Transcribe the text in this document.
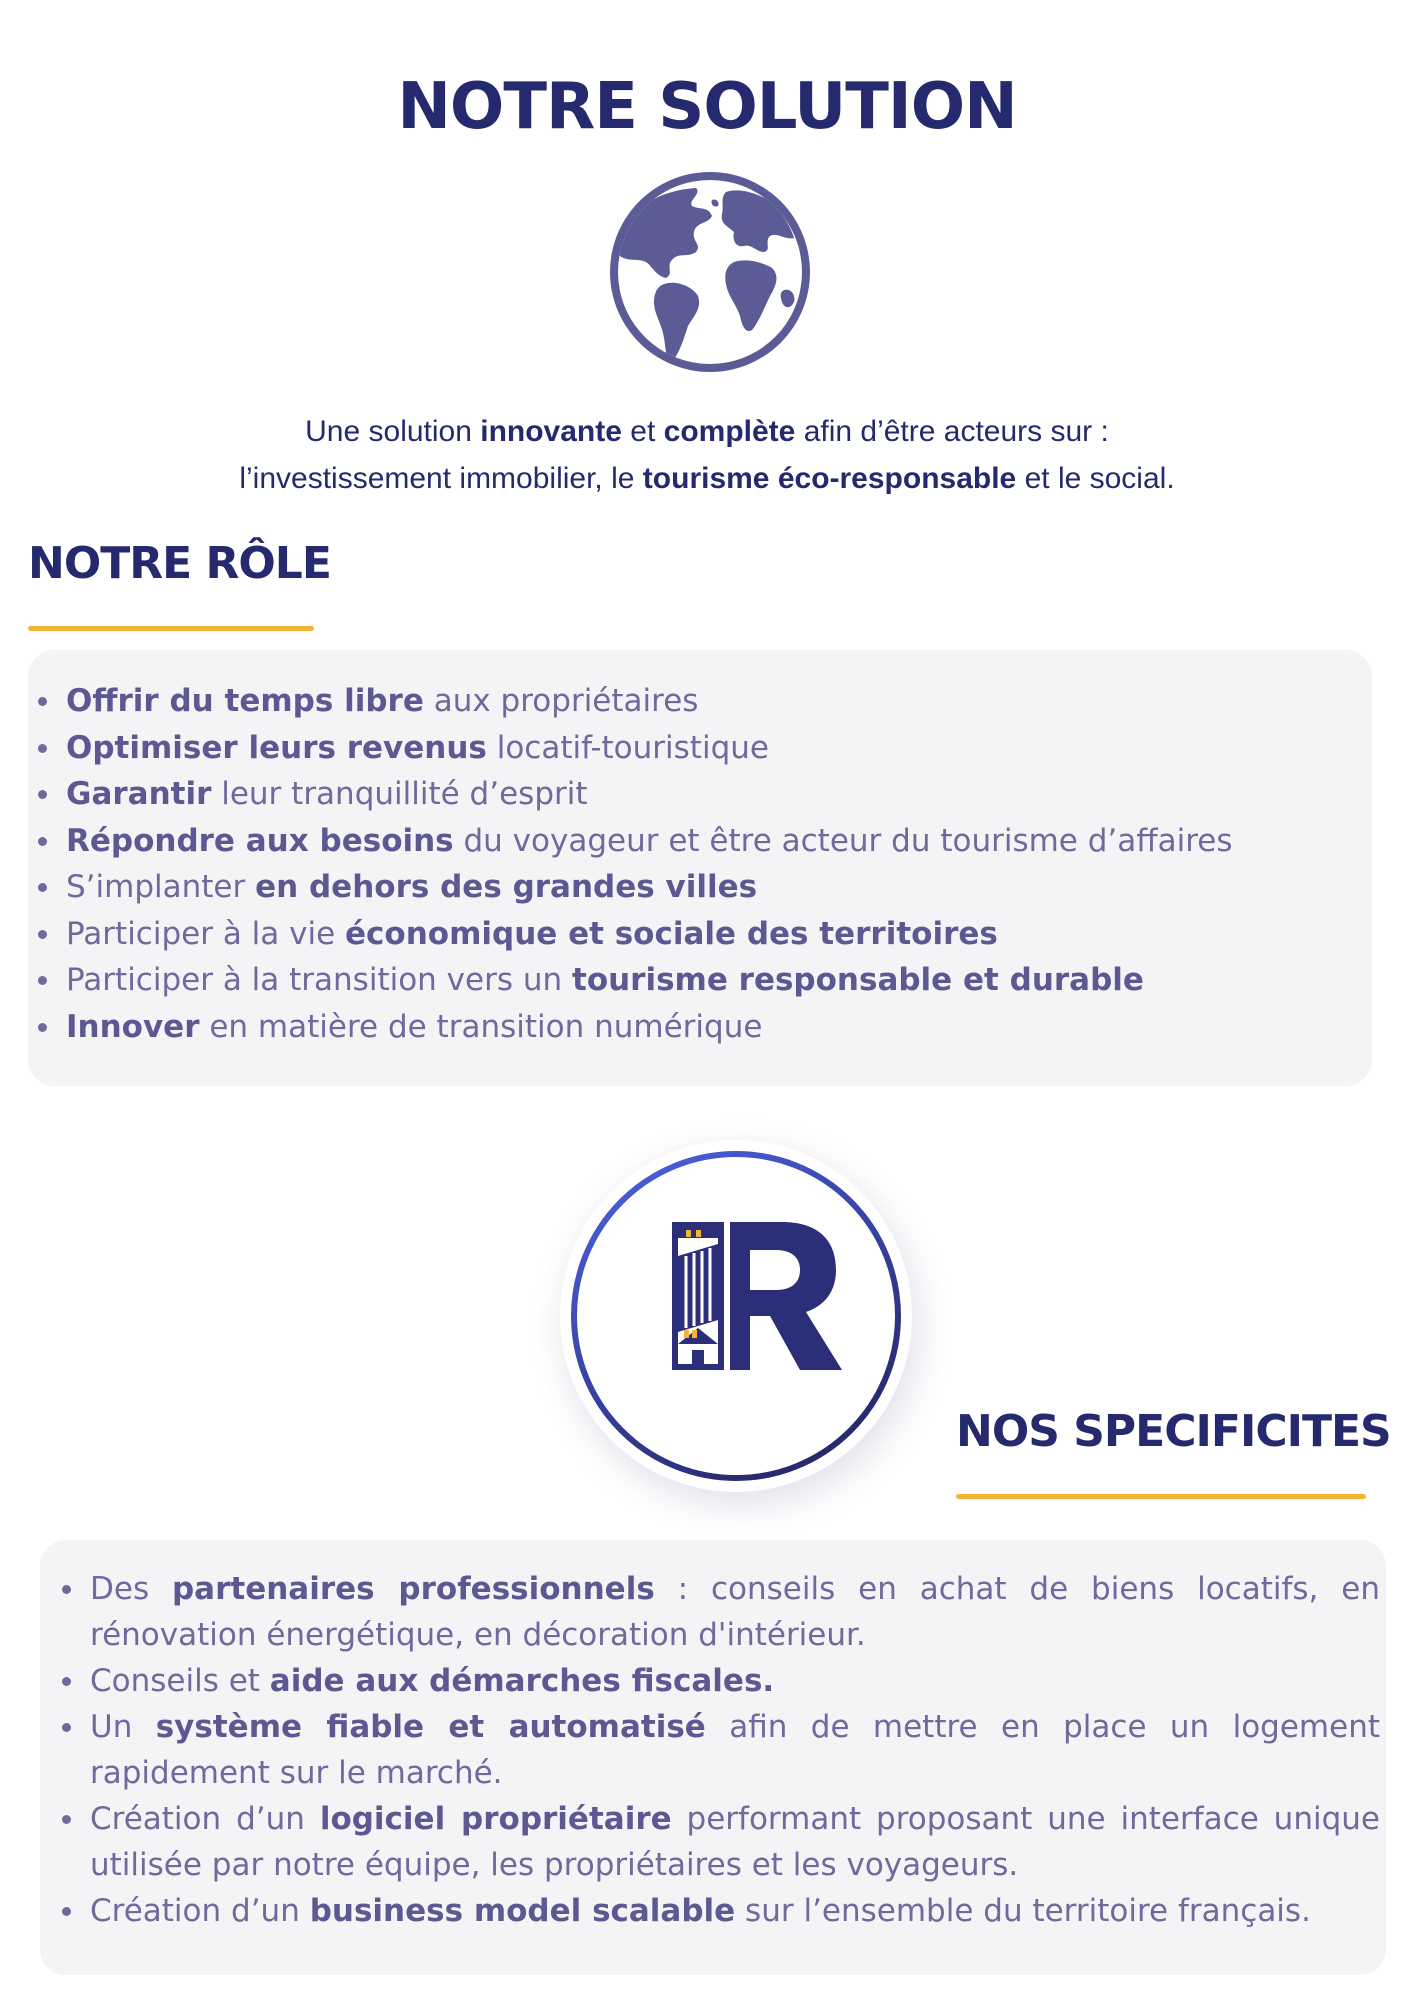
NOTRE SOLUTION
Une solution innovante et complète afin d’être acteurs sur :
l’investissement immobilier, le tourisme éco-responsable et le social.
NOTRE RÔLE
Offrir du temps libre aux propriétaires
Optimiser leurs revenus locatif-touristique
Garantir leur tranquillité d’esprit
Répondre aux besoins du voyageur et être acteur du tourisme d’affaires
S’implanter en dehors des grandes villes
Participer à la vie économique et sociale des territoires
Participer à la transition vers un tourisme responsable et durable
Innover en matière de transition numérique
NOS SPECIFICITES
Des partenaires professionnels : conseils en achat de biens locatifs, en rénovation énergétique, en décoration d'intérieur.
Conseils et aide aux démarches fiscales.
Un système fiable et automatisé afin de mettre en place un logement rapidement sur le marché.
Création d’un logiciel propriétaire performant proposant une interface unique utilisée par notre équipe, les propriétaires et les voyageurs.
Création d’un business model scalable sur l’ensemble du territoire français.
